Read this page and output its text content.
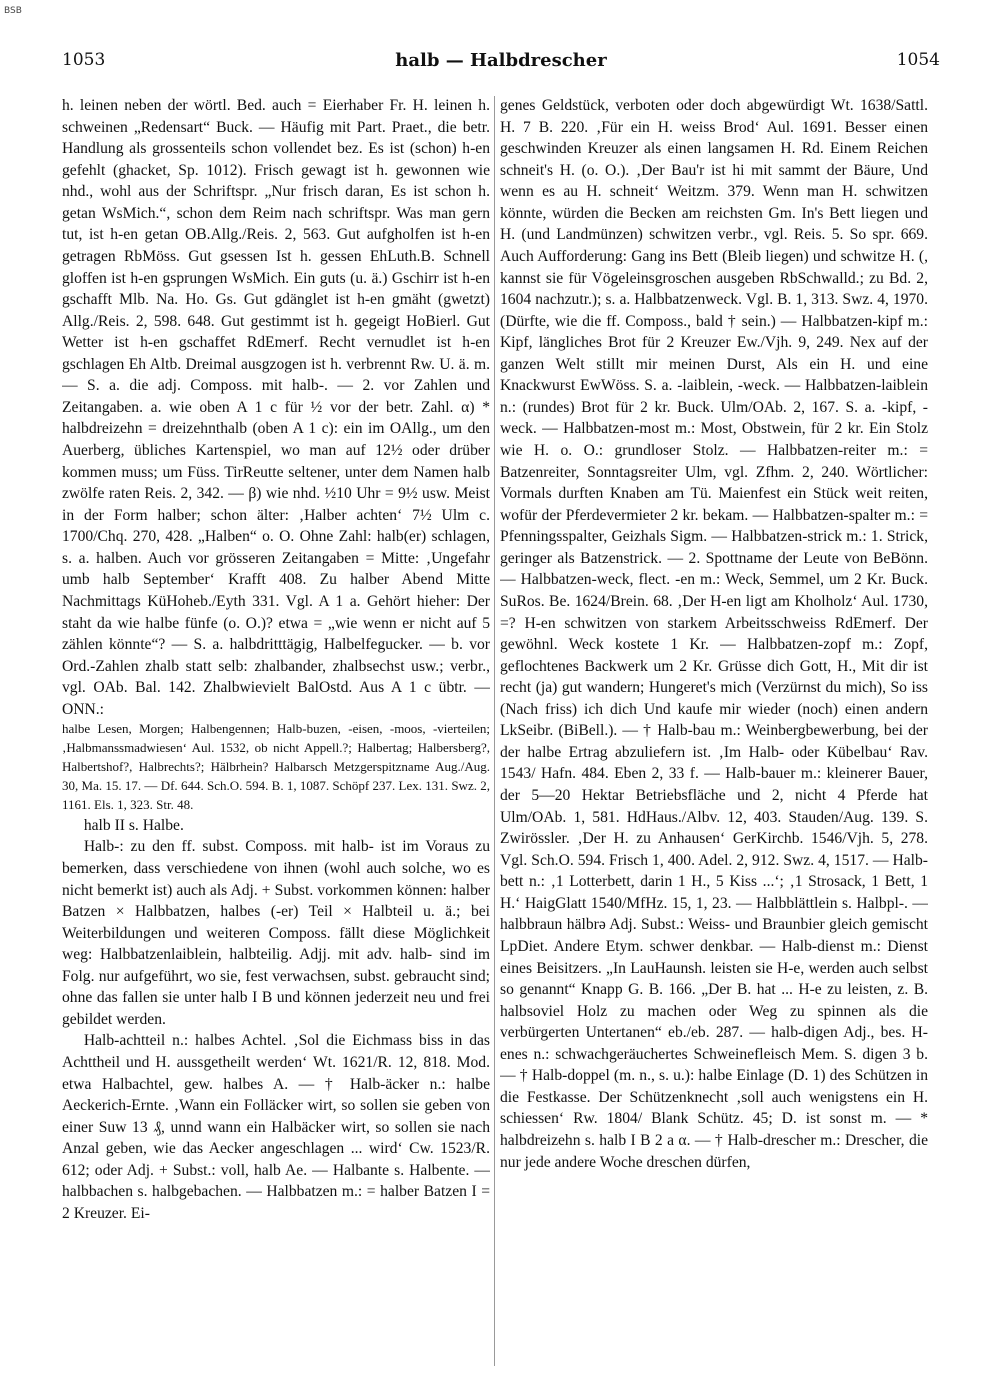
BSB
1053	halb — Halbdrescher	1054

h. leinen neben der wörtl. Bed. auch = Eierhaber Fr. H. leinen h. schweinen „Redensart“ Buck. — Häufig mit Part. Praet., die betr. Handlung als grossenteils schon vollendet bez. Es ist (schon) h-en gefehlt (ghacket, Sp. 1012). Frisch gewagt ist h. gewonnen wie nhd., wohl aus der Schriftspr. „Nur frisch daran, Es ist schon h. getan WsMich.“, schon dem Reim nach schriftspr. Was man gern tut, ist h-en getan OB.Allg./Reis. 2, 563. Gut aufgholfen ist h-en getragen RbMöss. Gut gsessen Ist h. gessen EhLuth.B. Schnell gloffen ist h-en gsprungen WsMich. Ein guts (u. ä.) Gschirr ist h-en gschafft Mlb. Na. Ho. Gs. Gut gdänglet ist h-en gmäht (gwetzt) Allg./Reis. 2, 598. 648. Gut gestimmt ist h. gegeigt HoBierl. Gut Wetter ist h-en gschaffet RdEmerf. Recht vernudlet ist h-en gschlagen Eh Altb. Dreimal ausgzogen ist h. verbrennt Rw. U. ä. m. — S. a. die adj. Composs. mit halb-. — 2. vor Zahlen und Zeitangaben. a. wie oben A 1 c für ½ vor der betr. Zahl. α) * halbdreizehn = dreizehnthalb (oben A 1 c): ein im OAllg., um den Auerberg, übliches Kartenspiel, wo man auf 12½ oder drüber kommen muss; um Füss. TirReutte seltener, unter dem Namen halb zwölfe raten Reis. 2, 342. — β) wie nhd. ½10 Uhr = 9½ usw. Meist in der Form halber; schon älter: ‚Halber achten‘ 7½ Ulm c. 1700/Chq. 270, 428. „Halben“ o. O. Ohne Zahl: halb(er) schlagen, s. a. halben. Auch vor grösseren Zeitangaben = Mitte: ‚Ungefahr umb halb September‘ Krafft 408. Zu halber Abend Mitte Nachmittags KüHoheb./Eyth 331. Vgl. A 1 a. Gehört hieher: Der staht da wie halbe fünfe (o. O.)? etwa = „wie wenn er nicht auf 5 zählen könnte“? — S. a. halbdritttägig, Halbelfegucker. — b. vor Ord.-Zahlen zhalb statt selb: zhalbander, zhalbsechst usw.; verbr., vgl. OAb. Bal. 142. Zhalbwievielt BalOstd. Aus A 1 c übtr. — ONN.:

halbe Lesen, Morgen; Halbengennen; Halb-buzen, -eisen, -moos, -vierteilen; ‚Halbmanssmadwiesen‘ Aul. 1532, ob nicht Appell.?; Halbertag; Halbersberg?, Halbertshof?, Halbrechts?; Hälbrhein? Halbarsch Metzgerspitzname Aug./Aug. 30, Ma. 15. 17. — Df. 644. Sch.O. 594. B. 1, 1087. Schöpf 237. Lex. 131. Swz. 2, 1161. Els. 1, 323. Str. 48.

halb II s. Halbe.

Halb-: zu den ff. subst. Composs. mit halb- ist im Voraus zu bemerken, dass verschiedene von ihnen (wohl auch solche, wo es nicht bemerkt ist) auch als Adj. + Subst. vorkommen können: halber Batzen × Halbbatzen, halbes (-er) Teil × Halbteil u. ä.; bei Weiterbildungen und weiteren Composs. fällt diese Möglichkeit weg: Halbbatzenlaiblein, halbteilig. Adjj. mit adv. halb- sind im Folg. nur aufgeführt, wo sie, fest verwachsen, subst. gebraucht sind; ohne das fallen sie unter halb I B und können jederzeit neu und frei gebildet werden.

Halb-achtteil n.: halbes Achtel. ‚Sol die Eichmass biss in das Achttheil und H. aussgetheilt werden‘ Wt. 1621/R. 12, 818. Mod. etwa Halbachtel, gew. halbes A. — † Halb-äcker n.: halbe Aeckerich-Ernte. ‚Wann ein Folläcker wirt, so sollen sie geben von einer Suw 13 ₰, unnd wann ein Halbäcker wirt, so sollen sie nach Anzal geben, wie das Aecker angeschlagen ... wird‘ Cw. 1523/R. 612; oder Adj. + Subst.: voll, halb Ae. — Halbante s. Halbente. — halbbachen s. halbgebachen. — Halbbatzen m.: = halber Batzen I = 2 Kreuzer. Ei-

genes Geldstück, verboten oder doch abgewürdigt Wt. 1638/Sattl. H. 7 B. 220. ‚Für ein H. weiss Brod‘ Aul. 1691. Besser einen geschwinden Kreuzer als einen langsamen H. Rd. Einem Reichen schneit's H. (o. O.). ‚Der Bau'r ist hi mit sammt der Bäure, Und wenn es au H. schneit‘ Weitzm. 379. Wenn man H. schwitzen könnte, würden die Becken am reichsten Gm. In's Bett liegen und H. (und Landmünzen) schwitzen verbr., vgl. Reis. 5. So spr. 669. Auch Aufforderung: Gang ins Bett (Bleib liegen) und schwitze H. (, kannst sie für Vögeleinsgroschen ausgeben RbSchwalld.; zu Bd. 2, 1604 nachzutr.); s. a. Halbbatzenweck. Vgl. B. 1, 313. Swz. 4, 1970. (Dürfte, wie die ff. Composs., bald † sein.) — Halbbatzen-kipf m.: Kipf, längliches Brot für 2 Kreuzer Ew./Vjh. 9, 249. Nex auf der ganzen Welt stillt mir meinen Durst, Als ein H. und eine Knackwurst EwWöss. S. a. -laiblein, -weck. — Halbbatzen-laiblein n.: (rundes) Brot für 2 kr. Buck. Ulm/OAb. 2, 167. S. a. -kipf, -weck. — Halbbatzen-most m.: Most, Obstwein, für 2 kr. Ein Stolz wie H. o. O.: grundloser Stolz. — Halbbatzen-reiter m.: = Batzenreiter, Sonntagsreiter Ulm, vgl. Zfhm. 2, 240. Wörtlicher: Vormals durften Knaben am Tü. Maienfest ein Stück weit reiten, wofür der Pferdevermieter 2 kr. bekam. — Halbbatzen-spalter m.: = Pfenningsspalter, Geizhals Sigm. — Halbbatzen-strick m.: 1. Strick, geringer als Batzenstrick. — 2. Spottname der Leute von BeBönn. — Halbbatzen-weck, flect. -en m.: Weck, Semmel, um 2 Kr. Buck. SuRos. Be. 1624/Brein. 68. ‚Der H-en ligt am Kholholz‘ Aul. 1730, =? H-en schwitzen von starkem Arbeitsschweiss RdEmerf. Der gewöhnl. Weck kostete 1 Kr. — Halbbatzen-zopf m.: Zopf, geflochtenes Backwerk um 2 Kr. Grüsse dich Gott, H., Mit dir ist recht (ja) gut wandern; Hungeret's mich (Verzürnst du mich), So iss (Nach friss) ich dich Und kaufe mir wieder (noch) einen andern LkSeibr. (BiBell.). — † Halb-bau m.: Weinbergbewerbung, bei der der halbe Ertrag abzuliefern ist. ‚Im Halb- oder Kübelbau‘ Rav. 1543/ Hafn. 484. Eben 2, 33 f. — Halb-bauer m.: kleinerer Bauer, der 5—20 Hektar Betriebsfläche und 2, nicht 4 Pferde hat Ulm/OAb. 1, 581. HdHaus./Albv. 12, 403. Stauden/Aug. 139. S. Zwirössler. ‚Der H. zu Anhausen‘ GerKirchb. 1546/Vjh. 5, 278. Vgl. Sch.O. 594. Frisch 1, 400. Adel. 2, 912. Swz. 4, 1517. — Halb-bett n.: ‚1 Lotterbett, darin 1 H., 5 Kiss ...‘; ‚1 Strosack, 1 Bett, 1 H.‘ HaigGlatt 1540/MfHz. 15, 1, 23. — Halbblättlein s. Halbpl-. — halbbraun hälbrə Adj. Subst.: Weiss- und Braunbier gleich gemischt LpDiet. Andere Etym. schwer denkbar. — Halb-dienst m.: Dienst eines Beisitzers. „In LauHaunsh. leisten sie H-e, werden auch selbst so genannt“ Knapp G. B. 166. „Der B. hat ... H-e zu leisten, z. B. halbsoviel Holz zu machen oder Weg zu spinnen als die verbürgerten Untertanen“ eb./eb. 287. — halb-digen Adj., bes. H-enes n.: schwachgeräuchertes Schweinefleisch Mem. S. digen 3 b. — † Halb-doppel (m. n., s. u.): halbe Einlage (D. 1) des Schützen in die Festkasse. Der Schützenknecht ‚soll auch wenigstens ein H. schiessen‘ Rw. 1804/ Blank Schütz. 45; D. ist sonst m. — * halbdreizehn s. halb I B 2 a α. — † Halb-drescher m.: Drescher, die nur jede andere Woche dreschen dürfen,
